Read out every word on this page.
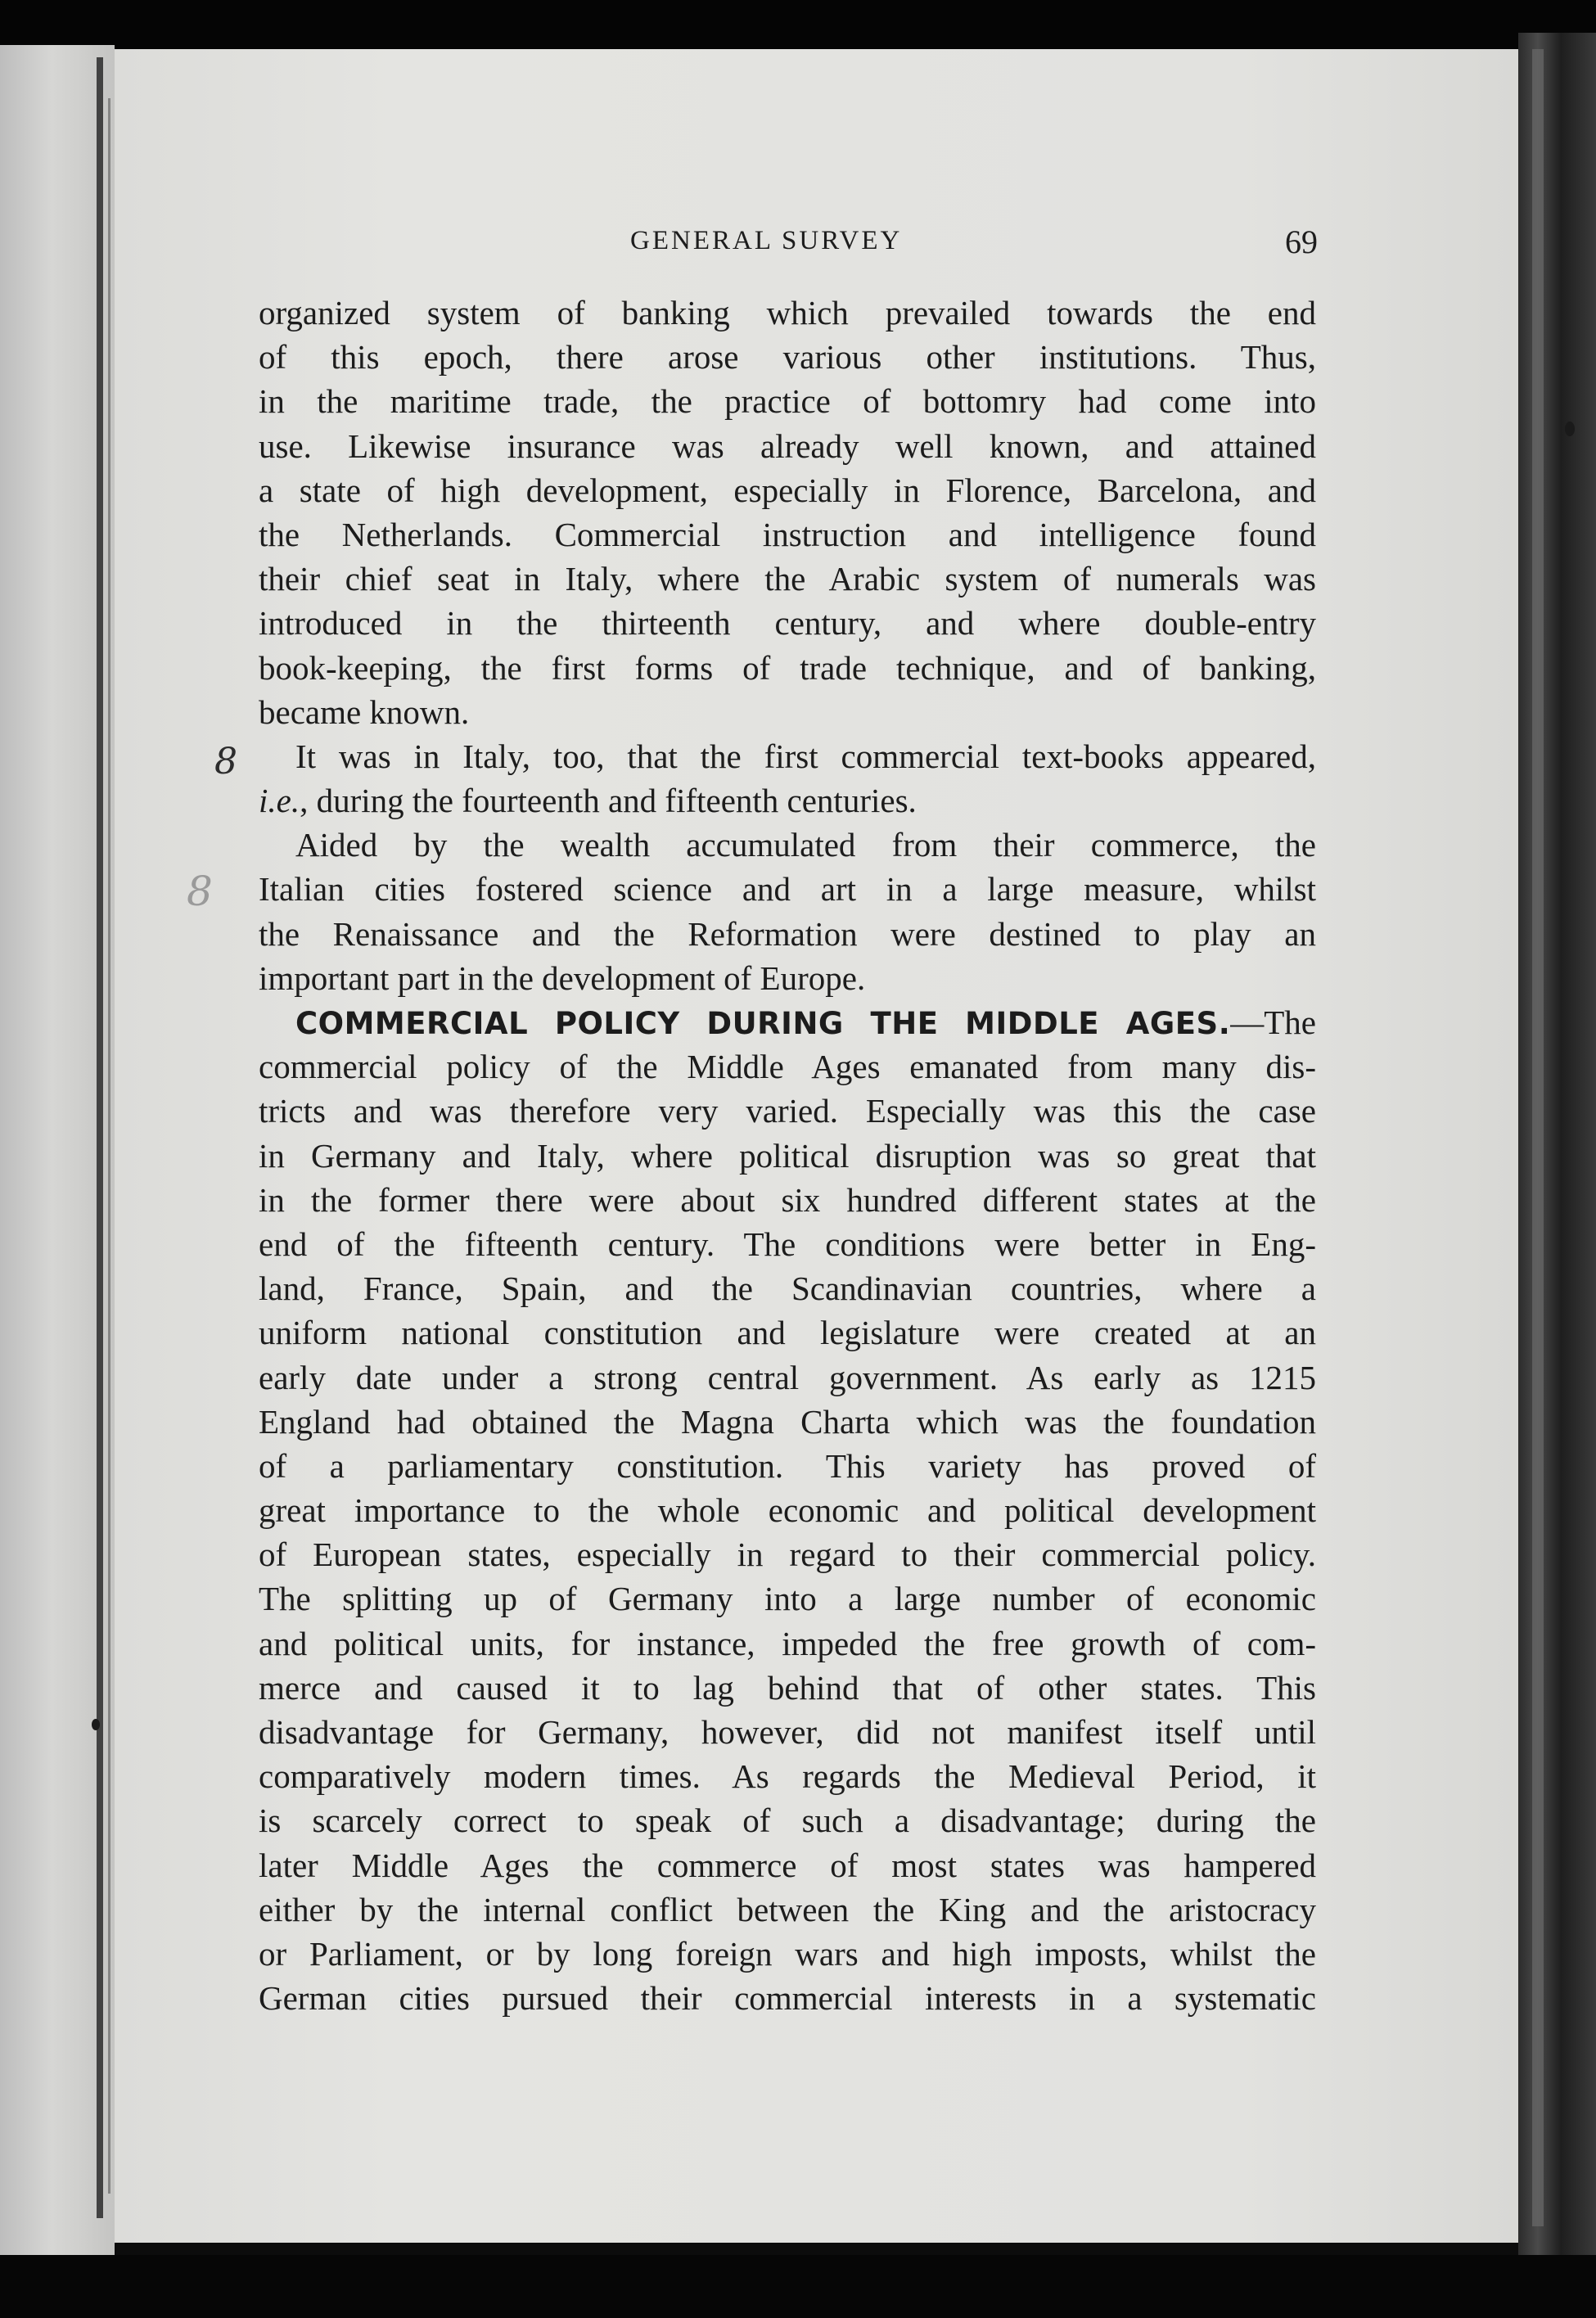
GENERAL SURVEY	69
8
8
organized system of banking which prevailed towards the end
of this epoch, there arose various other institutions. Thus,
in the maritime trade, the practice of bottomry had come into
use. Likewise insurance was already well known, and attained
a state of high development, especially in Florence, Barcelona, and
the Netherlands. Commercial instruction and intelligence found
their chief seat in Italy, where the Arabic system of numerals was
introduced in the thirteenth century, and where double-entry
book-keeping, the first forms of trade technique, and of banking,
became known.
It was in Italy, too, that the first commercial text-books appeared,
i.e., during the fourteenth and fifteenth centuries.
Aided by the wealth accumulated from their commerce, the
Italian cities fostered science and art in a large measure, whilst
the Renaissance and the Reformation were destined to play an
important part in the development of Europe.
COMMERCIAL POLICY DURING THE MIDDLE AGES.—The
commercial policy of the Middle Ages emanated from many dis-
tricts and was therefore very varied. Especially was this the case
in Germany and Italy, where political disruption was so great that
in the former there were about six hundred different states at the
end of the fifteenth century. The conditions were better in Eng-
land, France, Spain, and the Scandinavian countries, where a
uniform national constitution and legislature were created at an
early date under a strong central government. As early as 1215
England had obtained the Magna Charta which was the foundation
of a parliamentary constitution. This variety has proved of
great importance to the whole economic and political development
of European states, especially in regard to their commercial policy.
The splitting up of Germany into a large number of economic
and political units, for instance, impeded the free growth of com-
merce and caused it to lag behind that of other states. This
disadvantage for Germany, however, did not manifest itself until
comparatively modern times. As regards the Medieval Period, it
is scarcely correct to speak of such a disadvantage; during the
later Middle Ages the commerce of most states was hampered
either by the internal conflict between the King and the aristocracy
or Parliament, or by long foreign wars and high imposts, whilst the
German cities pursued their commercial interests in a systematic
